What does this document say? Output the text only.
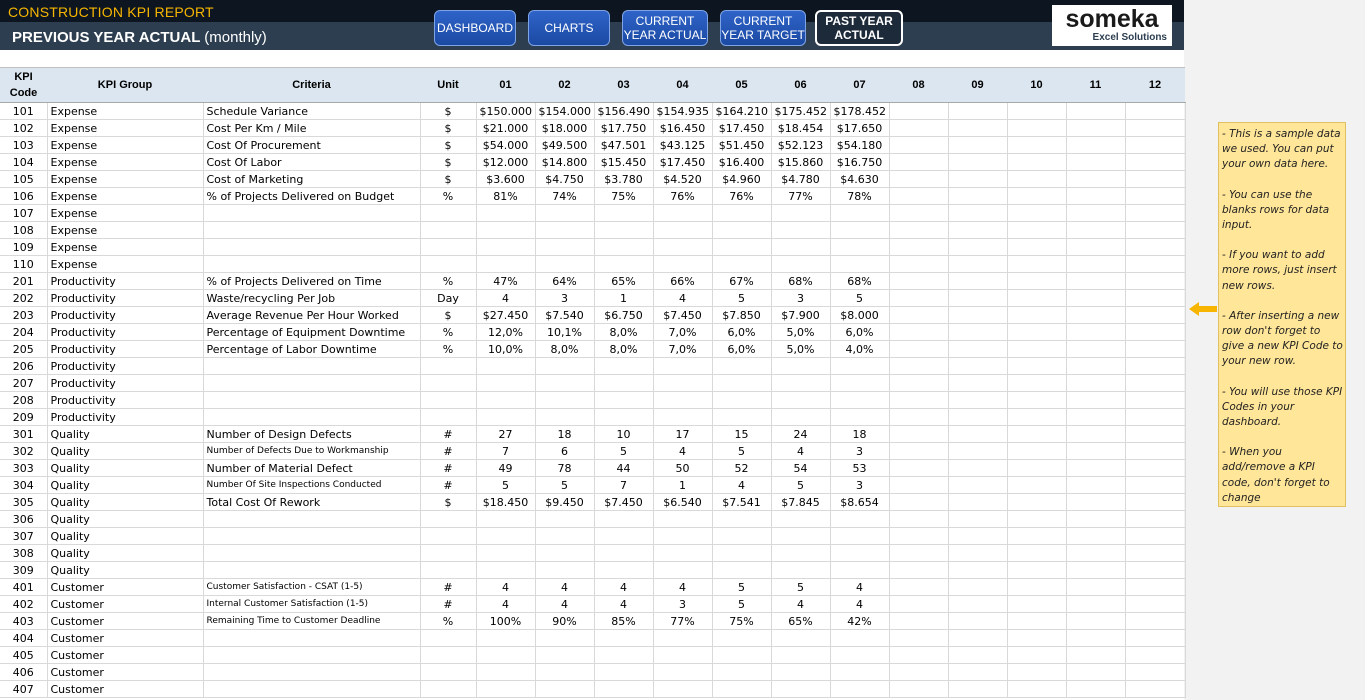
CONSTRUCTION KPI REPORT
PREVIOUS YEAR ACTUAL (monthly)
DASHBOARD	CHARTS	CURRENT YEAR ACTUAL
CURRENT YEAR TARGET
PAST YEAR ACTUAL
someka
Excel Solutions
KPI Code	KPI Group	Criteria	Unit	01	02	03	04	05	06	07	08	09	10	11	12
101	Expense	Schedule Variance	$	$150.000	$154.000	$156.490	$154.935	$164.210	$175.452	$178.452					
102	Expense	Cost Per Km / Mile	$	$21.000	$18.000	$17.750	$16.450	$17.450	$18.454	$17.650					
103	Expense	Cost Of Procurement	$	$54.000	$49.500	$47.501	$43.125	$51.450	$52.123	$54.180					
104	Expense	Cost Of Labor	$	$12.000	$14.800	$15.450	$17.450	$16.400	$15.860	$16.750					
105	Expense	Cost of Marketing	$	$3.600	$4.750	$3.780	$4.520	$4.960	$4.780	$4.630					
106	Expense	% of Projects Delivered on Budget	%	81%	74%	75%	76%	76%	77%	78%					
107	Expense														
108	Expense														
109	Expense														
110	Expense														
201	Productivity	% of Projects Delivered on Time	%	47%	64%	65%	66%	67%	68%	68%					
202	Productivity	Waste/recycling Per Job	Day	4	3	1	4	5	3	5					
203	Productivity	Average Revenue Per Hour Worked	$	$27.450	$7.540	$6.750	$7.450	$7.850	$7.900	$8.000					
204	Productivity	Percentage of Equipment Downtime	%	12,0%	10,1%	8,0%	7,0%	6,0%	5,0%	6,0%					
205	Productivity	Percentage of Labor Downtime	%	10,0%	8,0%	8,0%	7,0%	6,0%	5,0%	4,0%					
206	Productivity														
207	Productivity														
208	Productivity														
209	Productivity														
301	Quality	Number of Design Defects	#	27	18	10	17	15	24	18					
302	Quality	Number of Defects Due to Workmanship	#	7	6	5	4	5	4	3					
303	Quality	Number of Material Defect	#	49	78	44	50	52	54	53					
304	Quality	Number Of Site Inspections Conducted	#	5	5	7	1	4	5	3					
305	Quality	Total Cost Of Rework	$	$18.450	$9.450	$7.450	$6.540	$7.541	$7.845	$8.654					
306	Quality														
307	Quality														
308	Quality														
309	Quality														
401	Customer	Customer Satisfaction - CSAT (1-5)	#	4	4	4	4	5	5	4					
402	Customer	Internal Customer Satisfaction (1-5)	#	4	4	4	3	5	4	4					
403	Customer	Remaining Time to Customer Deadline	%	100%	90%	85%	77%	75%	65%	42%					
404	Customer														
405	Customer														
406	Customer														
407	Customer														

- This is a sample data we used. You can put your own data here.

- You can use the blanks rows for data input.

- If you want to add more rows, just insert new rows.

- After inserting a new row don't forget to give a new KPI Code to your new row.

- You will use those KPI Codes in your dashboard.

- When you add/remove a KPI code, don't forget to change
